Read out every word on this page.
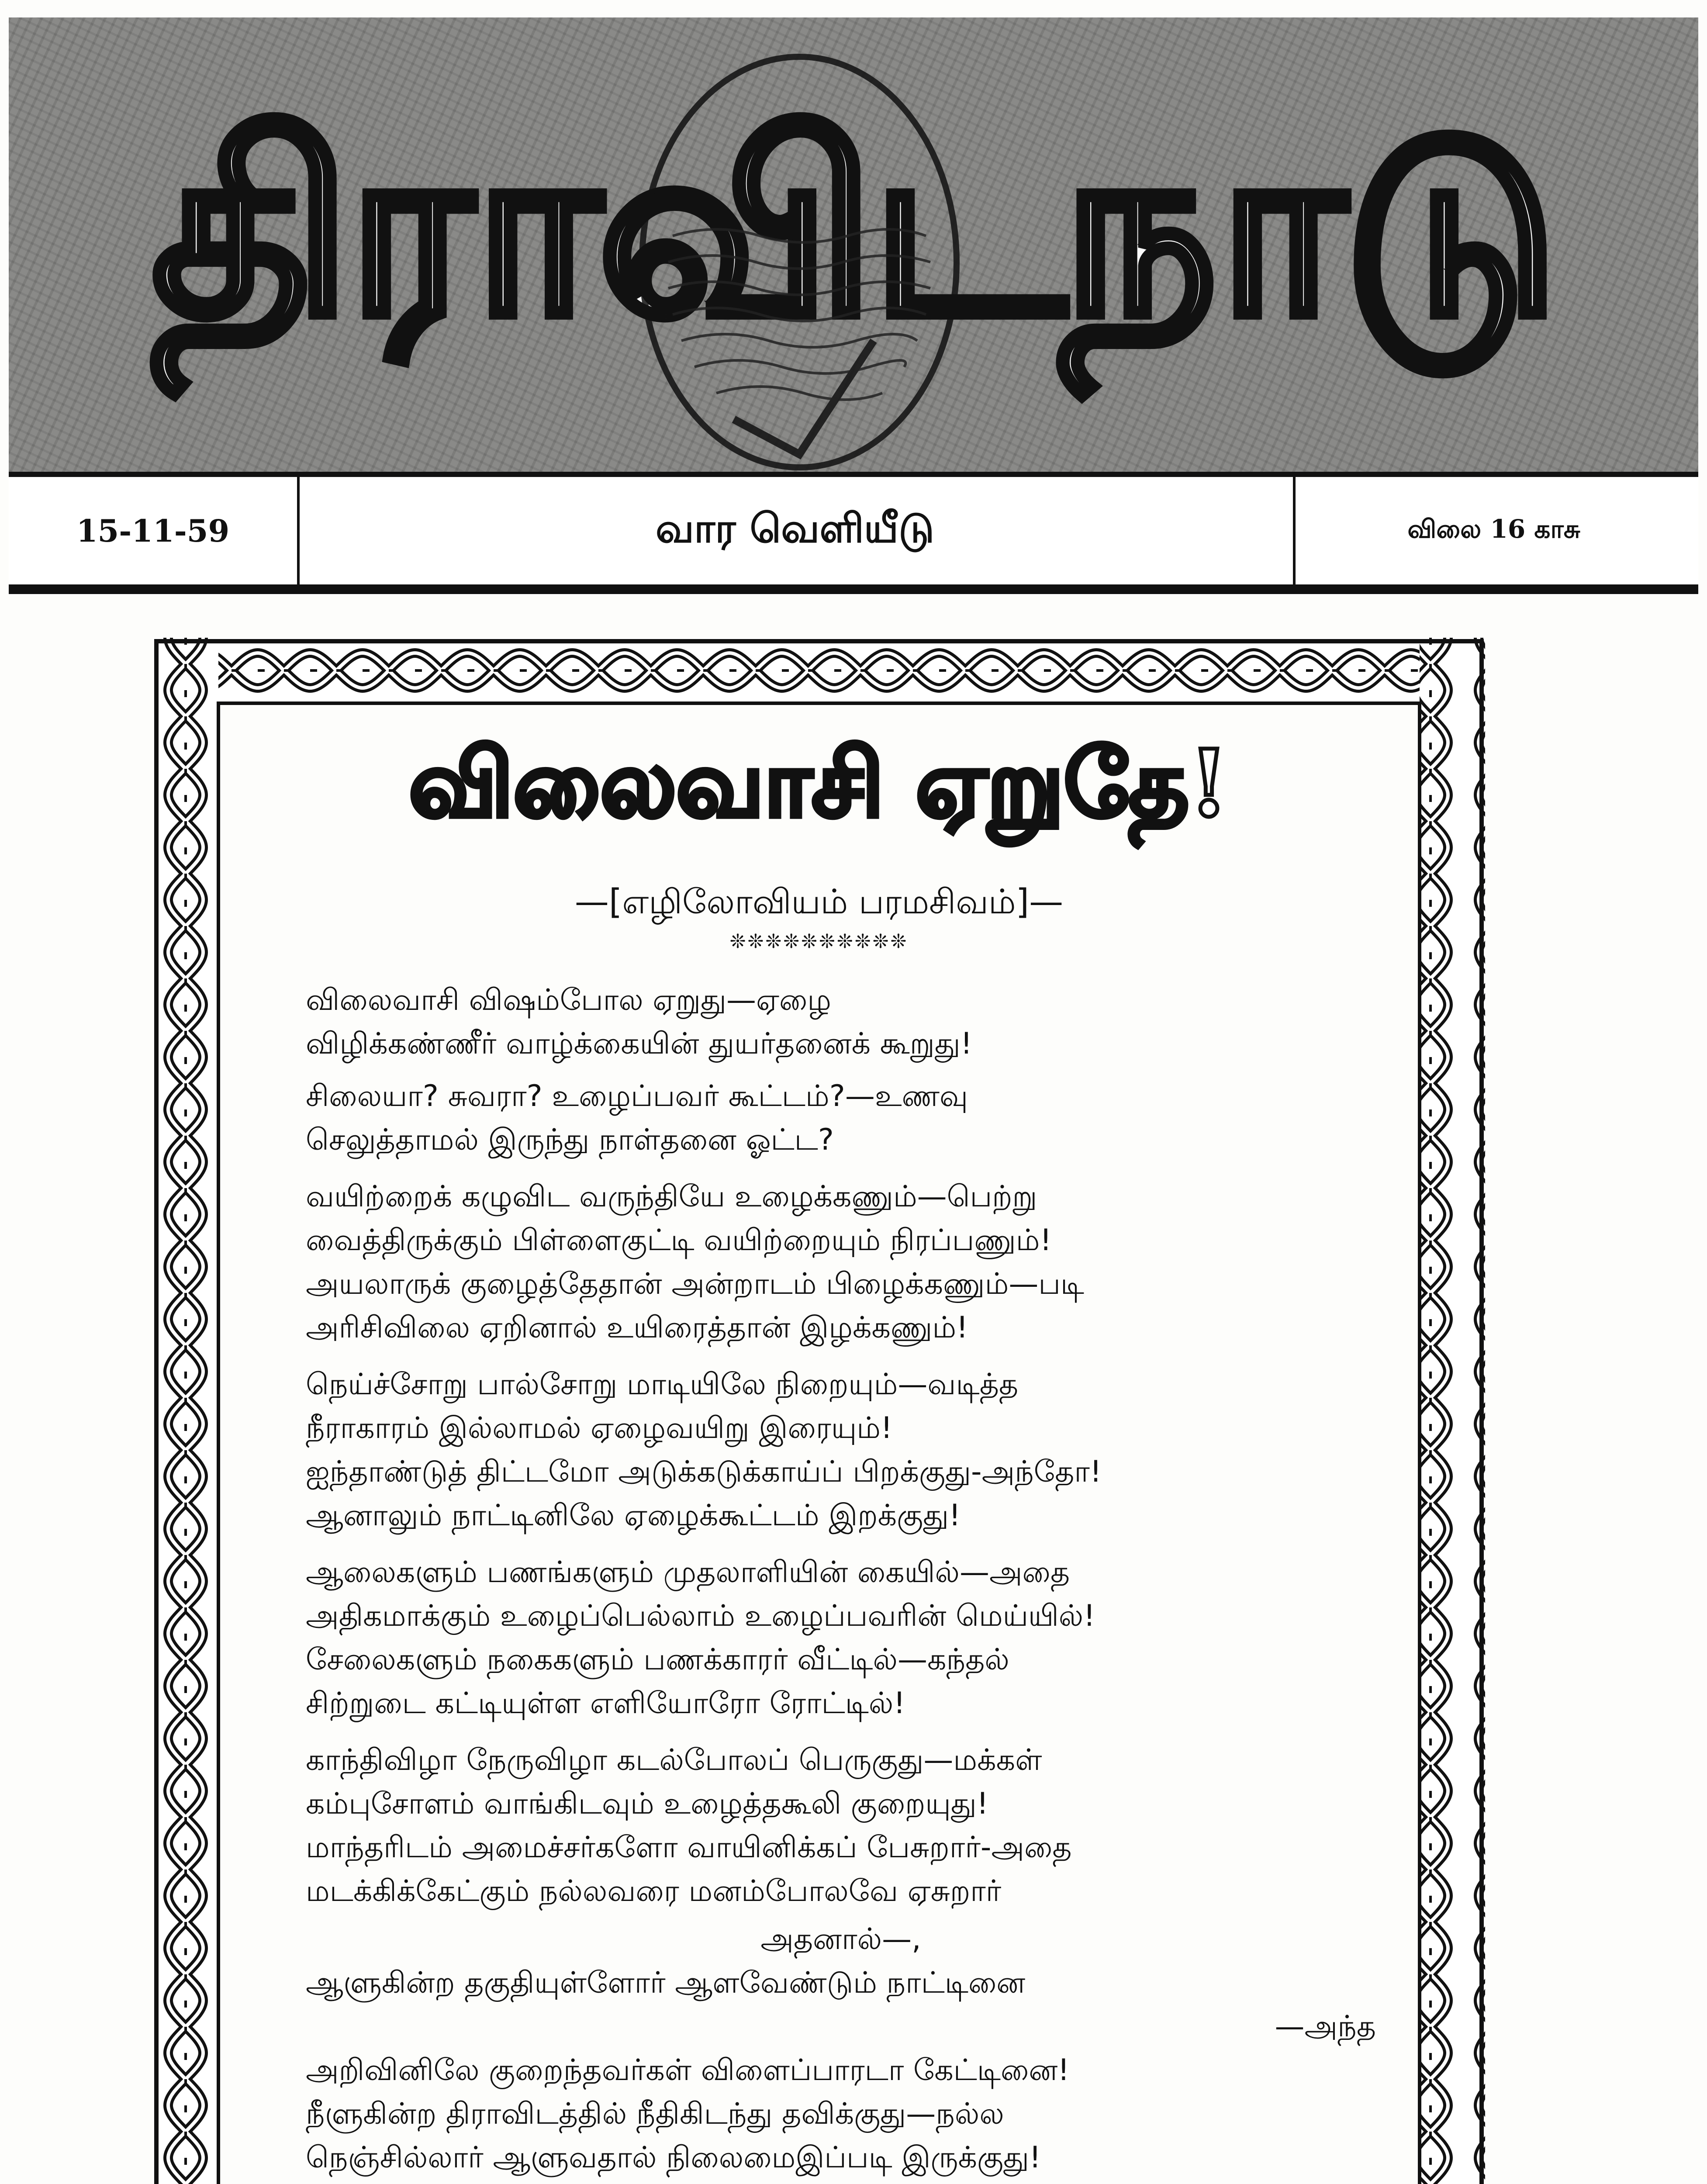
திராவிடநாடு
15-11-59	வார வெளியீடு	விலை 16 காசு
விலைவாசி ஏறுதே!
—[எழிலோவியம் பரமசிவம்]—
❊❊❊❊❊❊❊❊❊❊
விலைவாசி விஷம்போல ஏறுது—ஏழை
விழிக்கண்ணீர் வாழ்க்கையின் துயர்தனைக் கூறுது!
சிலையா? சுவரா? உழைப்பவர் கூட்டம்?—உணவு
செலுத்தாமல் இருந்து நாள்தனை ஓட்ட?
வயிற்றைக் கழுவிட வருந்தியே உழைக்கணும்—பெற்று
வைத்திருக்கும் பிள்ளைகுட்டி வயிற்றையும் நிரப்பணும்!
அயலாருக் குழைத்தேதான் அன்றாடம் பிழைக்கணும்—படி
அரிசிவிலை ஏறினால் உயிரைத்தான் இழக்கணும்!
நெய்ச்சோறு பால்சோறு மாடியிலே நிறையும்—வடித்த
நீராகாரம் இல்லாமல் ஏழைவயிறு இரையும்!
ஐந்தாண்டுத் திட்டமோ அடுக்கடுக்காய்ப் பிறக்குது-அந்தோ!
ஆனாலும் நாட்டினிலே ஏழைக்கூட்டம் இறக்குது!
ஆலைகளும் பணங்களும் முதலாளியின் கையில்—அதை
அதிகமாக்கும் உழைப்பெல்லாம் உழைப்பவரின் மெய்யில்!
சேலைகளும் நகைகளும் பணக்காரர் வீட்டில்—கந்தல்
சிற்றுடை கட்டியுள்ள எளியோரோ ரோட்டில்!
காந்திவிழா நேருவிழா கடல்போலப் பெருகுது—மக்கள்
கம்புசோளம் வாங்கிடவும் உழைத்தகூலி குறையுது!
மாந்தரிடம் அமைச்சர்களோ வாயினிக்கப் பேசுறார்-அதை
மடக்கிக்கேட்கும் நல்லவரை மனம்போலவே ஏசுறார்
அதனால்—,
ஆளுகின்ற தகுதியுள்ளோர் ஆளவேண்டும் நாட்டினை
—அந்த
அறிவினிலே குறைந்தவர்கள் விளைப்பாரடா கேட்டினை!
நீளுகின்ற திராவிடத்தில் நீதிகிடந்து தவிக்குது—நல்ல
நெஞ்சில்லார் ஆளுவதால் நிலைமைஇப்படி இருக்குது!
